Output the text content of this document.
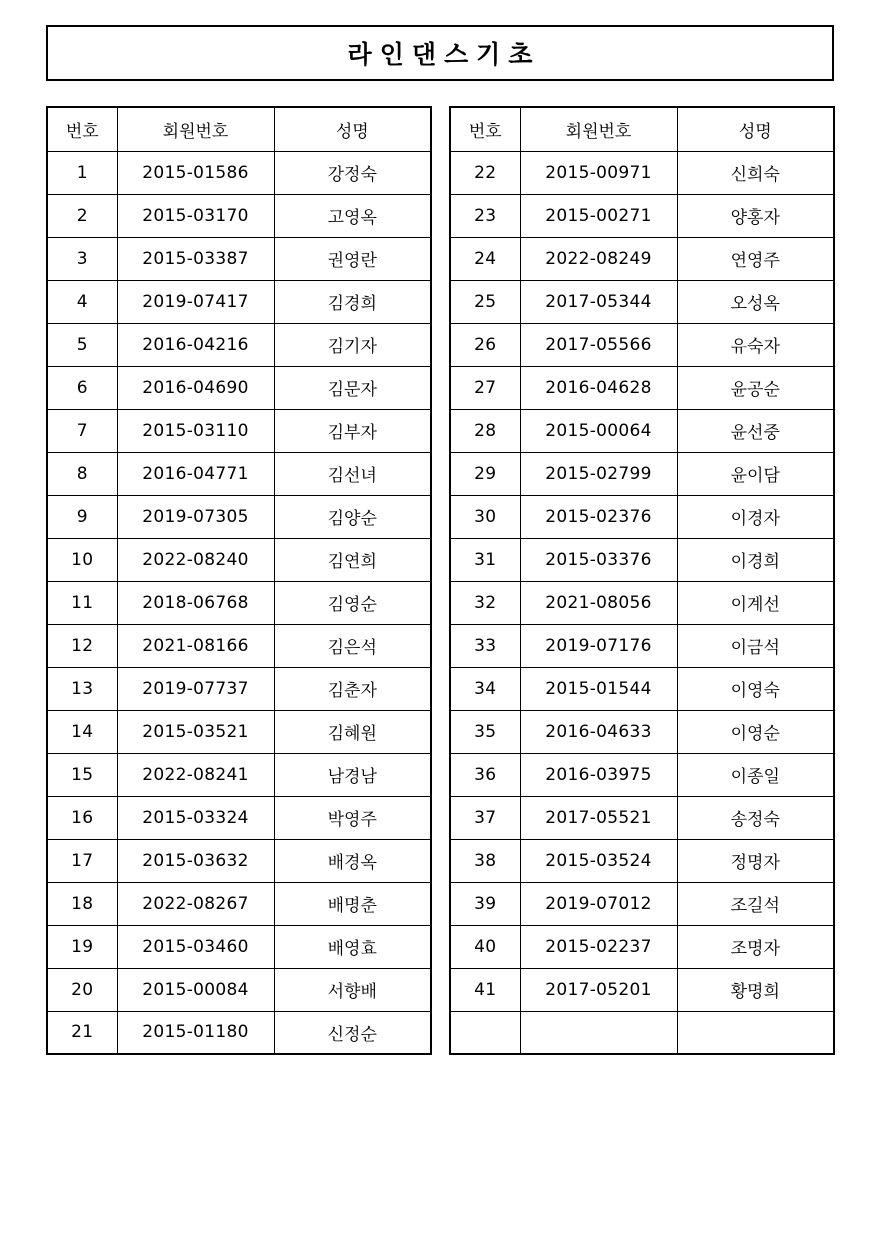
라인댄스기초
번호	회원번호	성명
1	2015-01586	강정숙
2	2015-03170	고영옥
3	2015-03387	권영란
4	2019-07417	김경희
5	2016-04216	김기자
6	2016-04690	김문자
7	2015-03110	김부자
8	2016-04771	김선녀
9	2019-07305	김양순
10	2022-08240	김연희
11	2018-06768	김영순
12	2021-08166	김은석
13	2019-07737	김춘자
14	2015-03521	김혜원
15	2022-08241	남경남
16	2015-03324	박영주
17	2015-03632	배경옥
18	2022-08267	배명춘
19	2015-03460	배영효
20	2015-00084	서향배
21	2015-01180	신정순
번호	회원번호	성명
22	2015-00971	신희숙
23	2015-00271	양홍자
24	2022-08249	연영주
25	2017-05344	오성옥
26	2017-05566	유숙자
27	2016-04628	윤공순
28	2015-00064	윤선중
29	2015-02799	윤이담
30	2015-02376	이경자
31	2015-03376	이경희
32	2021-08056	이계선
33	2019-07176	이금석
34	2015-01544	이영숙
35	2016-04633	이영순
36	2016-03975	이종일
37	2017-05521	송정숙
38	2015-03524	정명자
39	2019-07012	조길석
40	2015-02237	조명자
41	2017-05201	황명희
